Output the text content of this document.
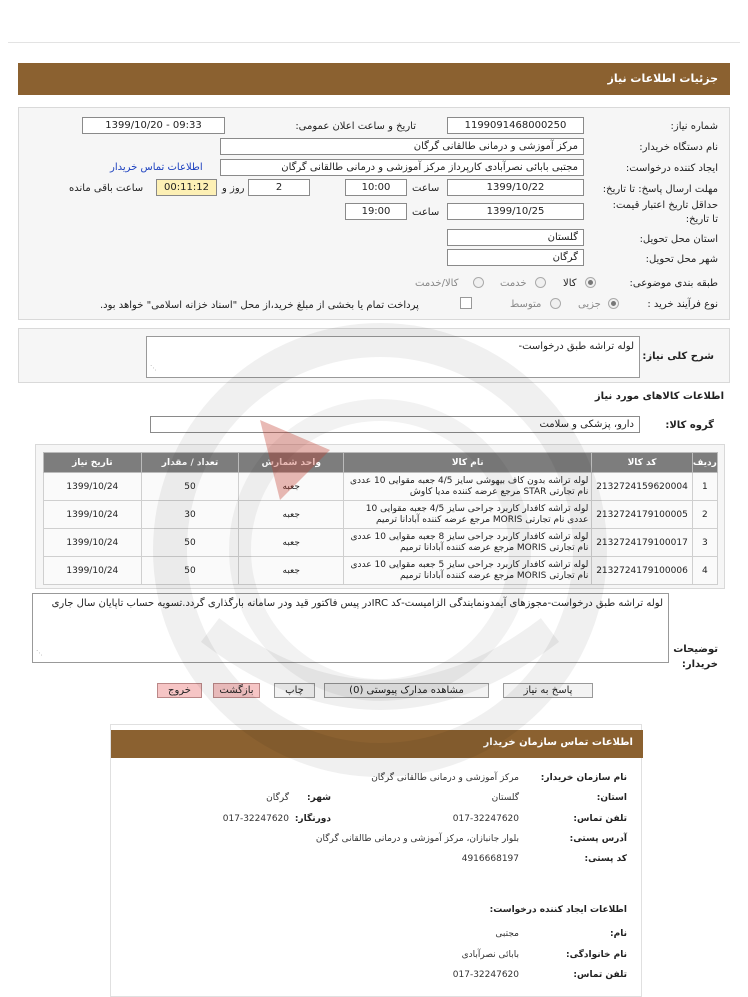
جزئیات اطلاعات نیاز
شماره نیاز:
1199091468000250
تاریخ و ساعت اعلان عمومی:
1399/10/20 - 09:33
نام دستگاه خریدار:
مرکز آموزشی و درمانی طالقانی گرگان
ایجاد کننده درخواست:
مجتبی بابائی نصرآبادی کارپرداز مرکز آموزشی و درمانی طالقانی گرگان
اطلاعات تماس خریدار
مهلت ارسال پاسخ: تا تاریخ:
1399/10/22
ساعت
10:00
2
روز و
00:11:12
ساعت باقی مانده
حداقل تاریخ اعتبار قیمت: تا تاریخ:
1399/10/25
ساعت
19:00
استان محل تحویل:
گلستان
شهر محل تحویل:
گرگان
طبقه بندی موضوعی:
کالا
خدمت
کالا/خدمت
نوع فرآیند خرید :
جزیی
متوسط
پرداخت تمام یا بخشی از مبلغ خرید،از محل "اسناد خزانه اسلامی" خواهد بود.
شرح کلی نیاز:
لوله تراشه طبق درخواست-
⋰
اطلاعات کالاهای مورد نیاز
گروه کالا:
دارو، پزشکی و سلامت
ردیف	کد کالا	نام کالا	واحد شمارش	تعداد / مقدار	تاریخ نیاز
1	2132724159620004	لوله تراشه بدون کاف بیهوشی سایز 4/5 جعبه مقوایی 10 عددی نام تجارتی STAR مرجع عرضه کننده مدیا کاوش	جعبه	50	1399/10/24
2	2132724179100005	لوله تراشه کافدار کاربرد جراحی سایز 4/5 جعبه مقوایی 10 عددی نام تجارتی MORIS مرجع عرضه کننده آبادانا ترمیم	جعبه	30	1399/10/24
3	2132724179100017	لوله تراشه کافدار کاربرد جراحی سایز 8 جعبه مقوایی 10 عددی نام تجارتی MORIS مرجع عرضه کننده آبادانا ترمیم	جعبه	50	1399/10/24
4	2132724179100006	لوله تراشه کافدار کاربرد جراحی سایز 5 جعبه مقوایی 10 عددی نام تجارتی MORIS مرجع عرضه کننده آبادانا ترمیم	جعبه	50	1399/10/24
توضیحات خریدار:
لوله تراشه طبق درخواست-مجوزهای آیمدونمایندگی الزامیست-کد IRCدر پیس فاکتور قید ودر سامانه بارگذاری گردد.تسویه حساب تاپایان سال جاری
⋰
پاسخ به نیاز
مشاهده مدارک پیوستی (0)
چاپ
بازگشت
خروج
اطلاعات تماس سازمان خریدار
نام سازمان خریدار:
مرکز آموزشی و درمانی طالقانی گرگان
استان:
گلستان
شهر:
گرگان
تلفن تماس:
017-32247620
دورنگار:
017-32247620
آدرس پستی:
بلوار جانبازان، مرکز آموزشی و درمانی طالقانی گرگان
کد پستی:
4916668197
اطلاعات ایجاد کننده درخواست:
نام:
مجتبی
نام خانوادگی:
بابائی نصرآبادی
تلفن تماس:
017-32247620
